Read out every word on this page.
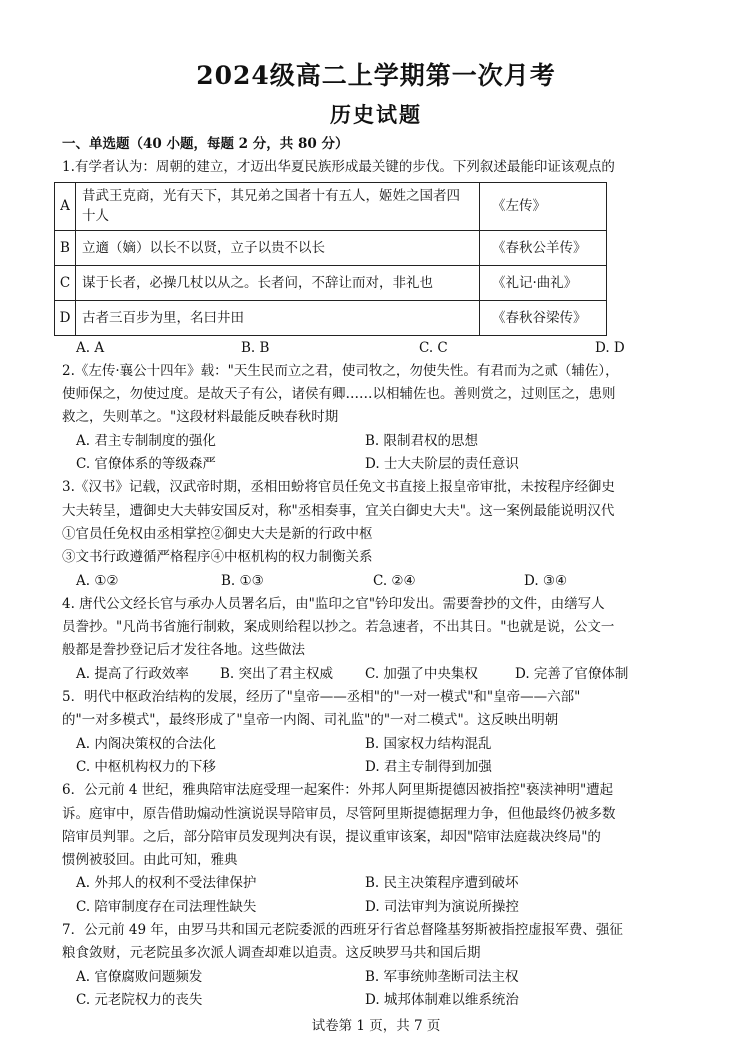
2024级高二上学期第一次月考
历史试题
一、单选题（40 小题，每题 2 分，共 80 分）
1.有学者认为：周朝的建立，才迈出华夏民族形成最关键的步伐。下列叙述最能印证该观点的
A	昔武王克商，光有天下，其兄弟之国者十有五人，姬姓之国者四十人	《左传》
B	立適（嫡）以长不以贤，立子以贵不以长	《春秋公羊传》
C	谋于长者，必操几杖以从之。长者问，不辞让而对，非礼也	《礼记·曲礼》
D	古者三百步为里，名曰井田	《春秋谷梁传》
A. A	B. B	C. C	D. D
2.《左传·襄公十四年》载："天生民而立之君，使司牧之，勿使失性。有君而为之贰（辅佐），
使师保之，勿使过度。是故天子有公，诸侯有卿……以相辅佐也。善则赏之，过则匡之，患则
救之，失则革之。"这段材料最能反映春秋时期
A. 君主专制制度的强化	B. 限制君权的思想
C. 官僚体系的等级森严	D. 士大夫阶层的责任意识
3.《汉书》记载，汉武帝时期，丞相田蚡将官员任免文书直接上报皇帝审批，未按程序经御史
大夫转呈，遭御史大夫韩安国反对，称"丞相奏事，宜关白御史大夫"。这一案例最能说明汉代
①官员任免权由丞相掌控②御史大夫是新的行政中枢
③文书行政遵循严格程序④中枢机构的权力制衡关系
A. ①②	B. ①③	C. ②④	D. ③④
4. 唐代公文经长官与承办人员署名后，由"监印之官"钤印发出。需要誊抄的文件，由缮写人
员誊抄。"凡尚书省施行制敕，案成则给程以抄之。若急速者，不出其日。"也就是说，公文一
般都是誊抄登记后才发往各地。这些做法
A. 提高了行政效率	B. 突出了君主权威	C. 加强了中央集权	D. 完善了官僚体制
5．明代中枢政治结构的发展，经历了"皇帝——丞相"的"一对一模式"和"皇帝——六部"
的"一对多模式"，最终形成了"皇帝一内阁、司礼监"的"一对二模式"。这反映出明朝
A. 内阁决策权的合法化	B. 国家权力结构混乱
C. 中枢机构权力的下移	D. 君主专制得到加强
6．公元前 4 世纪，雅典陪审法庭受理一起案件：外邦人阿里斯提德因被指控"亵渎神明"遭起
诉。庭审中，原告借助煽动性演说误导陪审员，尽管阿里斯提德据理力争，但他最终仍被多数
陪审员判罪。之后，部分陪审员发现判决有误，提议重审该案，却因"陪审法庭裁决终局"的
惯例被驳回。由此可知，雅典
A. 外邦人的权利不受法律保护	B. 民主决策程序遭到破坏
C. 陪审制度存在司法理性缺失	D. 司法审判为演说所操控
7．公元前 49 年，由罗马共和国元老院委派的西班牙行省总督隆基努斯被指控虚报军费、强征
粮食敛财，元老院虽多次派人调查却难以追责。这反映罗马共和国后期
A. 官僚腐败问题频发	B. 军事统帅垄断司法主权
C. 元老院权力的丧失	D. 城邦体制难以维系统治
试卷第 1 页，共 7 页
